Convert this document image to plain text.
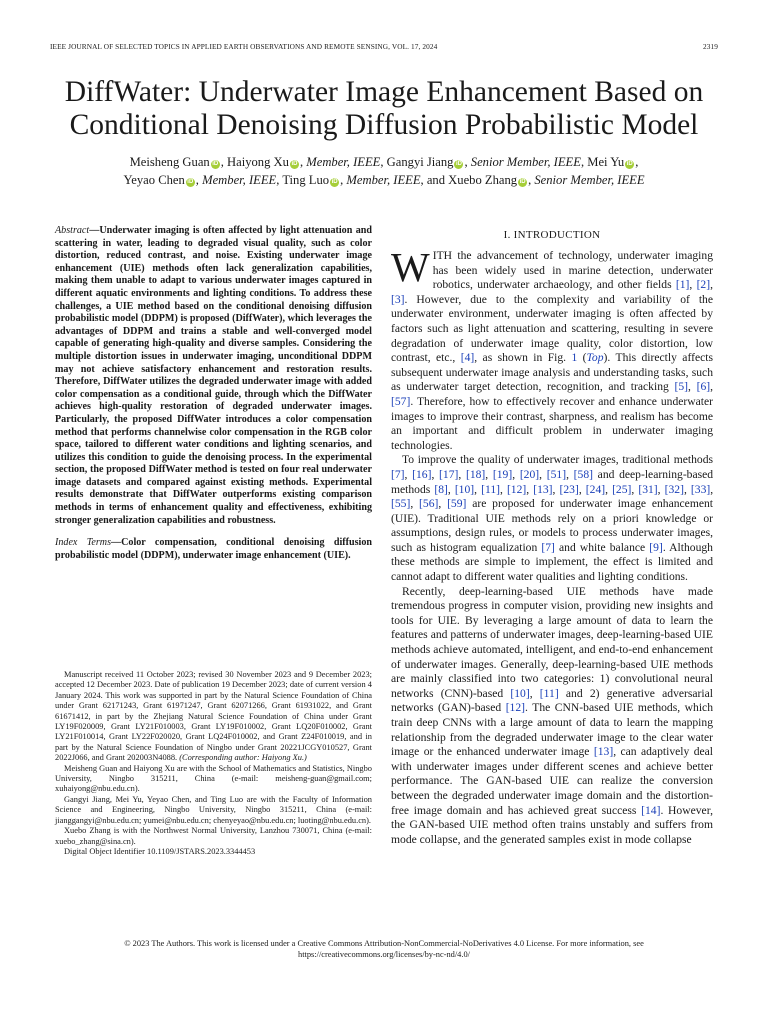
IEEE JOURNAL OF SELECTED TOPICS IN APPLIED EARTH OBSERVATIONS AND REMOTE SENSING, VOL. 17, 2024	2319
DiffWater: Underwater Image Enhancement Based on
Conditional Denoising Diffusion Probabilistic Model
Meisheng Guan iD , Haiyong Xu iD , Member, IEEE, Gangyi Jiang iD , Senior Member, IEEE, Mei Yu iD ,
Yeyao Chen iD , Member, IEEE, Ting Luo iD , Member, IEEE, and Xuebo Zhang iD , Senior Member, IEEE
Abstract—Underwater imaging is often affected by light attenuation and scattering in water, leading to degraded visual quality, such as color distortion, reduced contrast, and noise. Existing underwater image enhancement (UIE) methods often lack generalization capabilities, making them unable to adapt to various underwater images captured in different aquatic environments and lighting conditions. To address these challenges, a UIE method based on the conditional denoising diffusion probabilistic model (DDPM) is proposed (DiffWater), which leverages the advantages of DDPM and trains a stable and well-converged model capable of generating high-quality and diverse samples. Considering the multiple distortion issues in underwater imaging, unconditional DDPM may not achieve satisfactory enhancement and restoration results. Therefore, DiffWater utilizes the degraded underwater image with added color compensation as a conditional guide, through which the DiffWater achieves high-quality restoration of degraded underwater images. Particularly, the proposed DiffWater introduces a color compensation method that performs channelwise color compensation in the RGB color space, tailored to different water conditions and lighting scenarios, and utilizes this condition to guide the denoising process. In the experimental section, the proposed DiffWater method is tested on four real underwater image datasets and compared against existing methods. Experimental results demonstrate that DiffWater outperforms existing comparison methods in terms of enhancement quality and effectiveness, exhibiting stronger generalization capabilities and robustness.
Index Terms—Color compensation, conditional denoising diffusion probabilistic model (DDPM), underwater image enhancement (UIE).

Manuscript received 11 October 2023; revised 30 November 2023 and 9 December 2023; accepted 12 December 2023. Date of publication 19 December 2023; date of current version 4 January 2024. This work was supported in part by the Natural Science Foundation of China under Grant 62171243, Grant 61971247, Grant 62071266, Grant 61931022, and Grant 61671412, in part by the Zhejiang Natural Science Foundation of China under Grant LY19F020009, Grant LY21F010003, Grant LY19F010002, Grant LQ20F010002, Grant LY21F010014, Grant LY22F020020, Grant LQ24F010002, and Grant Z24F010019, and in part by the Natural Science Foundation of Ningbo under Grant 20221JCGY010527, Grant 2022J066, and Grant 202003N4088. (Corresponding author: Haiyong Xu.)

Meisheng Guan and Haiyong Xu are with the School of Mathematics and Statistics, Ningbo University, Ningbo 315211, China (e-mail: meisheng-guan@gmail.com; xuhaiyong@nbu.edu.cn).

Gangyi Jiang, Mei Yu, Yeyao Chen, and Ting Luo are with the Faculty of Information Science and Engineering, Ningbo University, Ningbo 315211, China (e-mail: jianggangyi@nbu.edu.cn; yumei@nbu.edu.cn; chenyeyao@nbu.edu.cn; luoting@nbu.edu.cn).

Xuebo Zhang is with the Northwest Normal University, Lanzhou 730071, China (e-mail: xuebo_zhang@sina.cn).

Digital Object Identifier 10.1109/JSTARS.2023.3344453

I. INTRODUCTION

WITH the advancement of technology, underwater imaging has been widely used in marine detection, underwater robotics, underwater archaeology, and other fields [1], [2], [3]. However, due to the complexity and variability of the underwater environment, underwater imaging is often affected by factors such as light attenuation and scattering, resulting in severe degradation of underwater image quality, color distortion, low contrast, etc., [4], as shown in Fig. 1 (Top). This directly affects subsequent underwater image analysis and understanding tasks, such as underwater target detection, recognition, and tracking [5], [6], [57]. Therefore, how to effectively recover and enhance underwater images to improve their contrast, sharpness, and realism has become an important and difficult problem in underwater imaging technologies.

To improve the quality of underwater images, traditional methods [7], [16], [17], [18], [19], [20], [51], [58] and deep-learning-based methods [8], [10], [11], [12], [13], [23], [24], [25], [31], [32], [33], [55], [56], [59] are proposed for underwater image enhancement (UIE). Traditional UIE methods rely on a priori knowledge or assumptions, design rules, or models to process underwater images, such as histogram equalization [7] and white balance [9]. Although these methods are simple to implement, the effect is limited and cannot adapt to different water qualities and lighting conditions.

Recently, deep-learning-based UIE methods have made tremendous progress in computer vision, providing new insights and tools for UIE. By leveraging a large amount of data to learn the features and patterns of underwater images, deep-learning-based UIE methods achieve automated, intelligent, and end-to-end enhancement of underwater images. Generally, deep-learning-based UIE methods are mainly classified into two categories: 1) convolutional neural networks (CNN)-based [10], [11] and 2) generative adversarial networks (GAN)-based [12]. The CNN-based UIE methods, which train deep CNNs with a large amount of data to learn the mapping relationship from the degraded underwater image to the clear water image or the enhanced underwater image [13], can adaptively deal with underwater images under different scenes and achieve better performance. The GAN-based UIE can realize the conversion between the degraded underwater image domain and the distortion-free image domain and has achieved great success [14]. However, the GAN-based UIE method often trains unstably and suffers from mode collapse, and the generated samples exist in mode collapse

© 2023 The Authors. This work is licensed under a Creative Commons Attribution-NonCommercial-NoDerivatives 4.0 License. For more information, see
https://creativecommons.org/licenses/by-nc-nd/4.0/
